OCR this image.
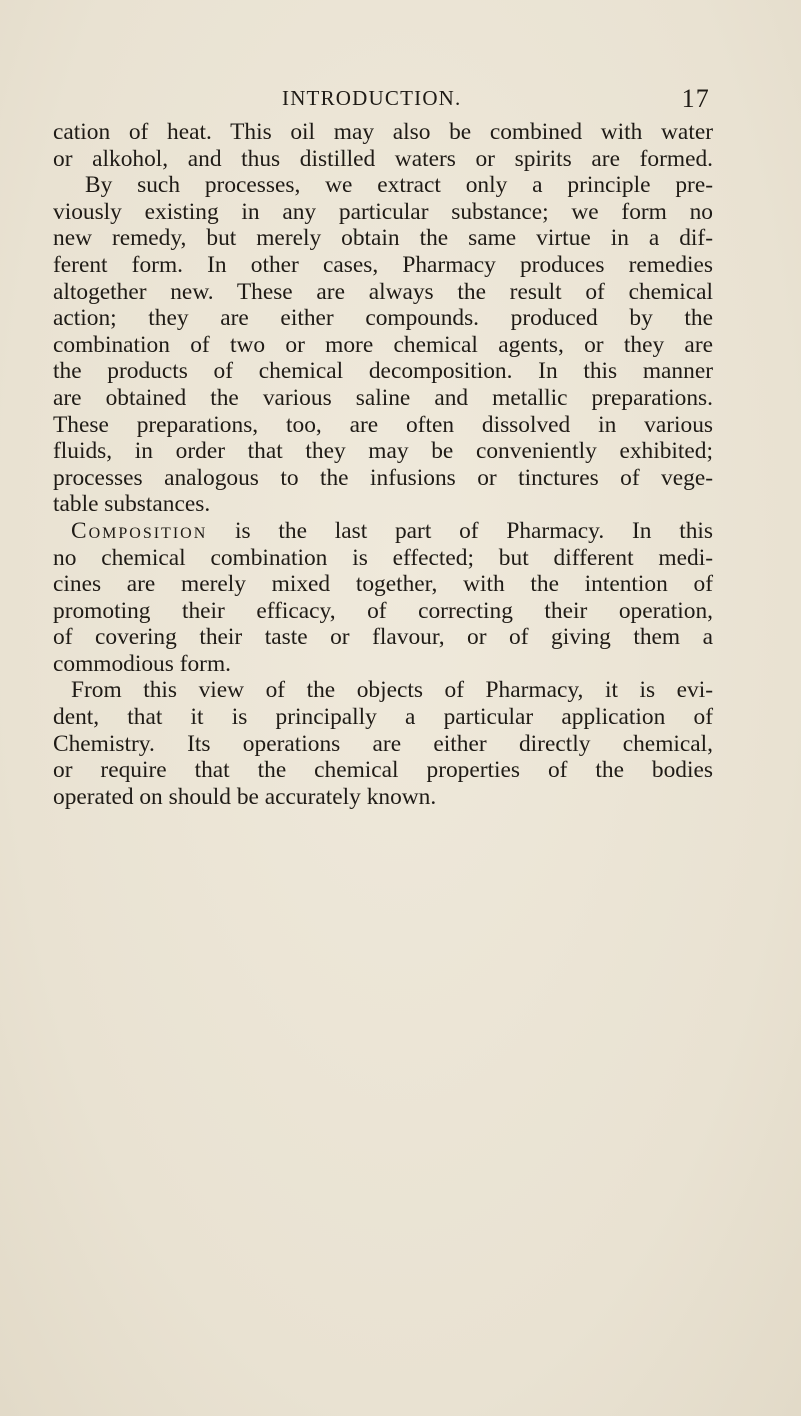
INTRODUCTION.	17
cation of heat. This oil may also be combined with water
or alkohol, and thus distilled waters or spirits are formed.
By such processes, we extract only a principle pre-
viously existing in any particular substance; we form no
new remedy, but merely obtain the same virtue in a dif-
ferent form. In other cases, Pharmacy produces remedies
altogether new. These are always the result of chemical
action; they are either compounds. produced by the
combination of two or more chemical agents, or they are
the products of chemical decomposition. In this manner
are obtained the various saline and metallic preparations.
These preparations, too, are often dissolved in various
fluids, in order that they may be conveniently exhibited;
processes analogous to the infusions or tinctures of vege-
table substances.
Composition is the last part of Pharmacy. In this
no chemical combination is effected; but different medi-
cines are merely mixed together, with the intention of
promoting their efficacy, of correcting their operation,
of covering their taste or flavour, or of giving them a
commodious form.
From this view of the objects of Pharmacy, it is evi-
dent, that it is principally a particular application of
Chemistry. Its operations are either directly chemical,
or require that the chemical properties of the bodies
operated on should be accurately known.
